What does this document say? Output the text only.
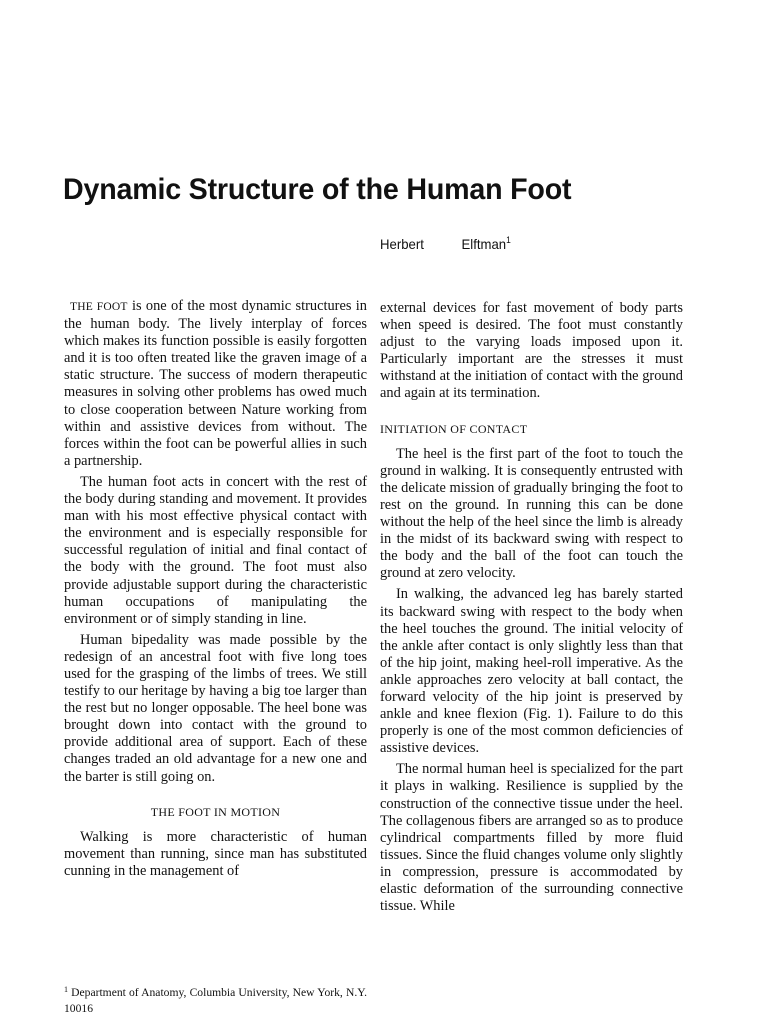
Dynamic Structure of the Human Foot
Herbert	Elftman$^1$

THE FOOT is one of the most dynamic structures in the human body. The lively interplay of forces which makes its function possible is easily forgotten and it is too often treated like the graven image of a static structure. The success of modern therapeutic measures in solving other problems has owed much to close cooperation between Nature working from within and assistive devices from without. The forces within the foot can be powerful allies in such a partnership.

The human foot acts in concert with the rest of the body during standing and movement. It provides man with his most effective physical contact with the environment and is especially responsible for successful regulation of initial and final contact of the body with the ground. The foot must also provide adjustable support during the characteristic human occupations of manipulating the environment or of simply standing in line.

Human bipedality was made possible by the redesign of an ancestral foot with five long toes used for the grasping of the limbs of trees. We still testify to our heritage by having a big toe larger than the rest but no longer opposable. The heel bone was brought down into contact with the ground to provide additional area of support. Each of these changes traded an old advantage for a new one and the barter is still going on.

THE FOOT IN MOTION

Walking is more characteristic of human movement than running, since man has substituted cunning in the management of

$^1$ Department of Anatomy, Columbia University, New York, N.Y. 10016

external devices for fast movement of body parts when speed is desired. The foot must constantly adjust to the varying loads imposed upon it. Particularly important are the stresses it must withstand at the initiation of contact with the ground and again at its termination.

INITIATION OF CONTACT

The heel is the first part of the foot to touch the ground in walking. It is consequently entrusted with the delicate mission of gradually bringing the foot to rest on the ground. In running this can be done without the help of the heel since the limb is already in the midst of its backward swing with respect to the body and the ball of the foot can touch the ground at zero velocity.

In walking, the advanced leg has barely started its backward swing with respect to the body when the heel touches the ground. The initial velocity of the ankle after contact is only slightly less than that of the hip joint, making heel-roll imperative. As the ankle approaches zero velocity at ball contact, the forward velocity of the hip joint is preserved by ankle and knee flexion (Fig. 1). Failure to do this properly is one of the most common deficiencies of assistive devices.

The normal human heel is specialized for the part it plays in walking. Resilience is supplied by the construction of the connective tissue under the heel. The collagenous fibers are arranged so as to produce cylindrical compartments filled by more fluid tissues. Since the fluid changes volume only slightly in compression, pressure is accommodated by elastic deformation of the surrounding connective tissue. While
